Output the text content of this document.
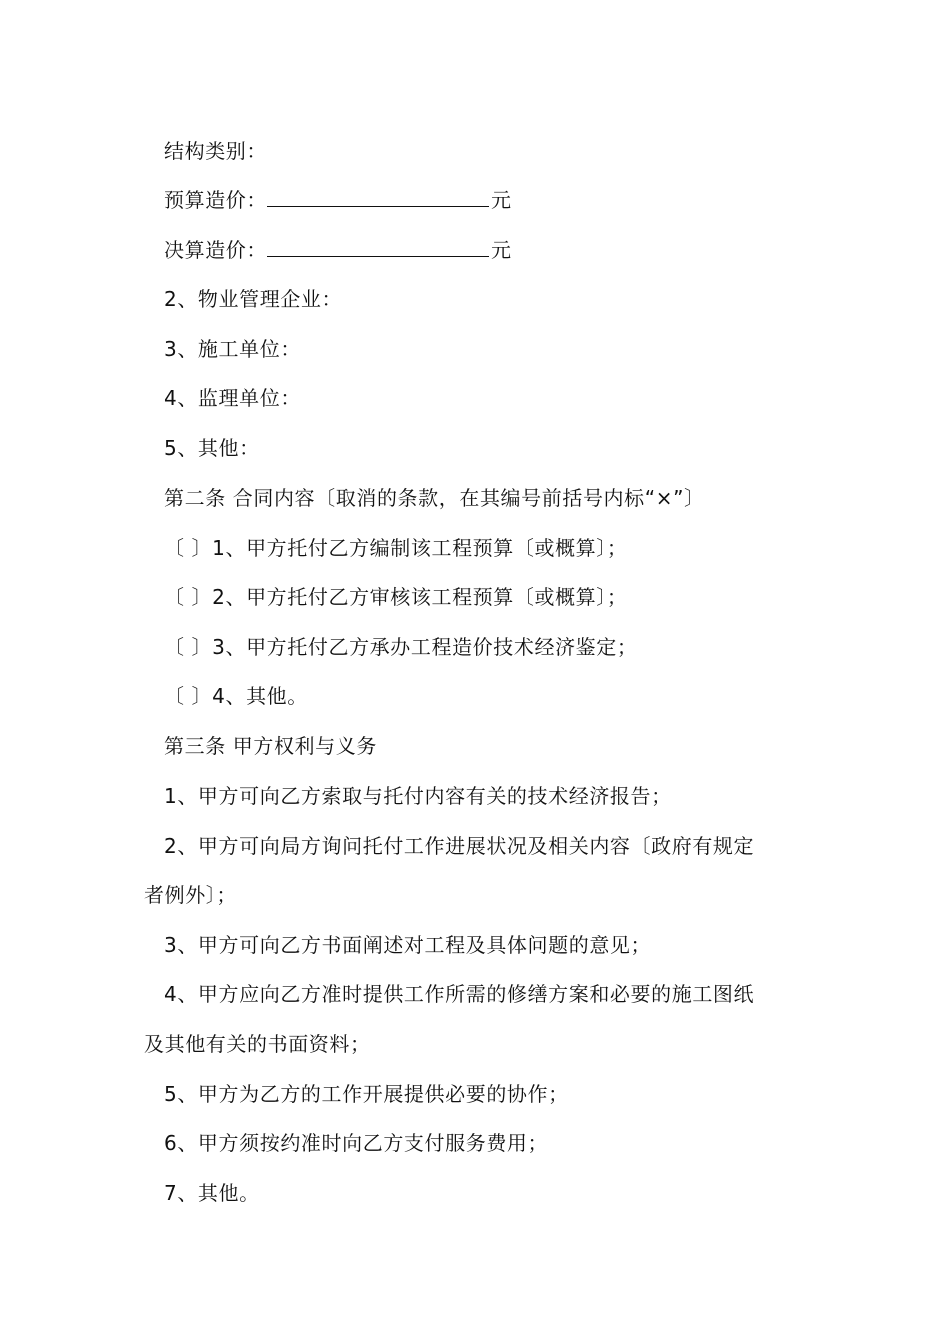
结构类别：
预算造价：	元
决算造价：	元
2、物业管理企业：
3、施工单位：
4、监理单位：
5、其他：
第二条 合同内容〔取消的条款，在其编号前括号内标“×”〕
〔 〕1、甲方托付乙方编制该工程预算〔或概算〕；
〔 〕2、甲方托付乙方审核该工程预算〔或概算〕；
〔 〕3、甲方托付乙方承办工程造价技术经济鉴定；
〔 〕4、其他。
第三条 甲方权利与义务
1、甲方可向乙方索取与托付内容有关的技术经济报告；
2、甲方可向局方询问托付工作进展状况及相关内容〔政府有规定
者例外〕；
3、甲方可向乙方书面阐述对工程及具体问题的意见；
4、甲方应向乙方准时提供工作所需的修缮方案和必要的施工图纸
及其他有关的书面资料；
5、甲方为乙方的工作开展提供必要的协作；
6、甲方须按约准时向乙方支付服务费用；
7、其他。
